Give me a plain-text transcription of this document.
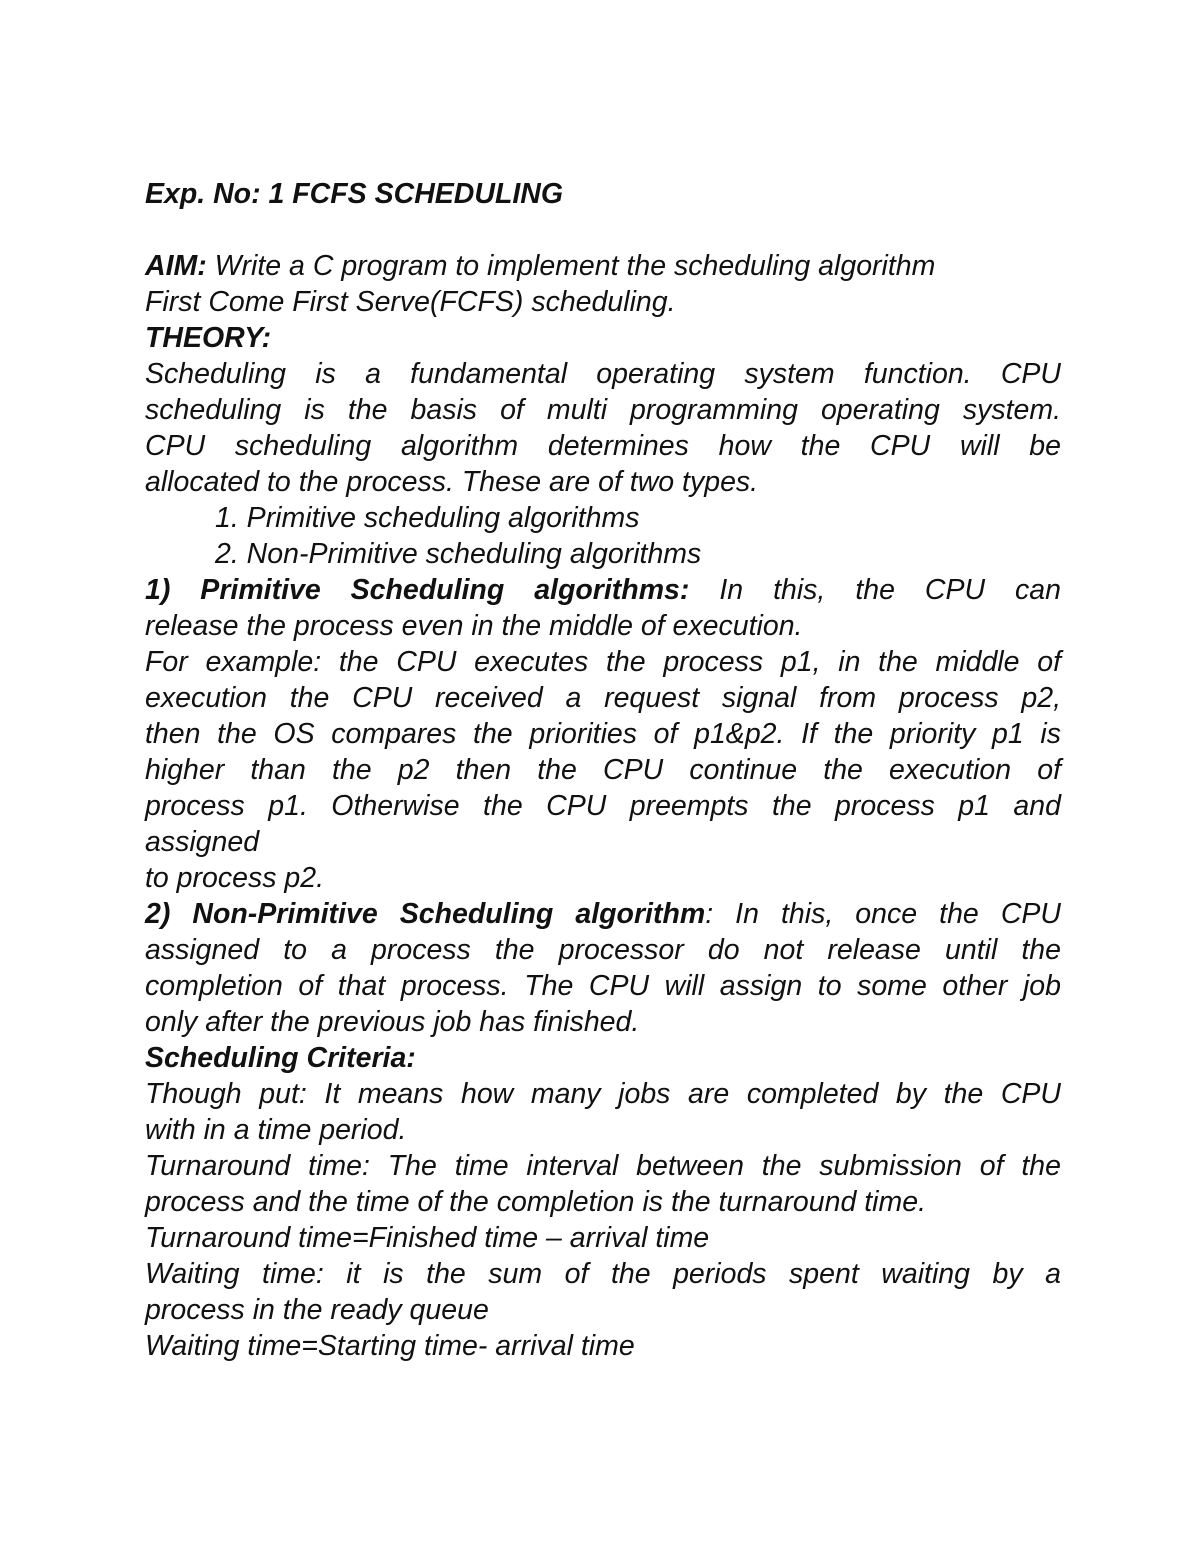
Exp. No: 1 FCFS SCHEDULING
AIM: Write a C program to implement the scheduling algorithm
First Come First Serve(FCFS) scheduling.
THEORY:
Scheduling is a fundamental operating system function. CPU
scheduling is the basis of multi programming operating system.
CPU scheduling algorithm determines how the CPU will be
allocated to the process. These are of two types.
1. Primitive scheduling algorithms
2. Non-Primitive scheduling algorithms
1) Primitive Scheduling algorithms: In this, the CPU can
release the process even in the middle of execution.
For example: the CPU executes the process p1, in the middle of
execution the CPU received a request signal from process p2,
then the OS compares the priorities of p1&p2. If the priority p1 is
higher than the p2 then the CPU continue the execution of
process p1. Otherwise the CPU preempts the process p1 and
assigned
to process p2.
2) Non-Primitive Scheduling algorithm: In this, once the CPU
assigned to a process the processor do not release until the
completion of that process. The CPU will assign to some other job
only after the previous job has finished.
Scheduling Criteria:
Though put: It means how many jobs are completed by the CPU
with in a time period.
Turnaround time: The time interval between the submission of the
process and the time of the completion is the turnaround time.
Turnaround time=Finished time – arrival time
Waiting time: it is the sum of the periods spent waiting by a
process in the ready queue
Waiting time=Starting time- arrival time
